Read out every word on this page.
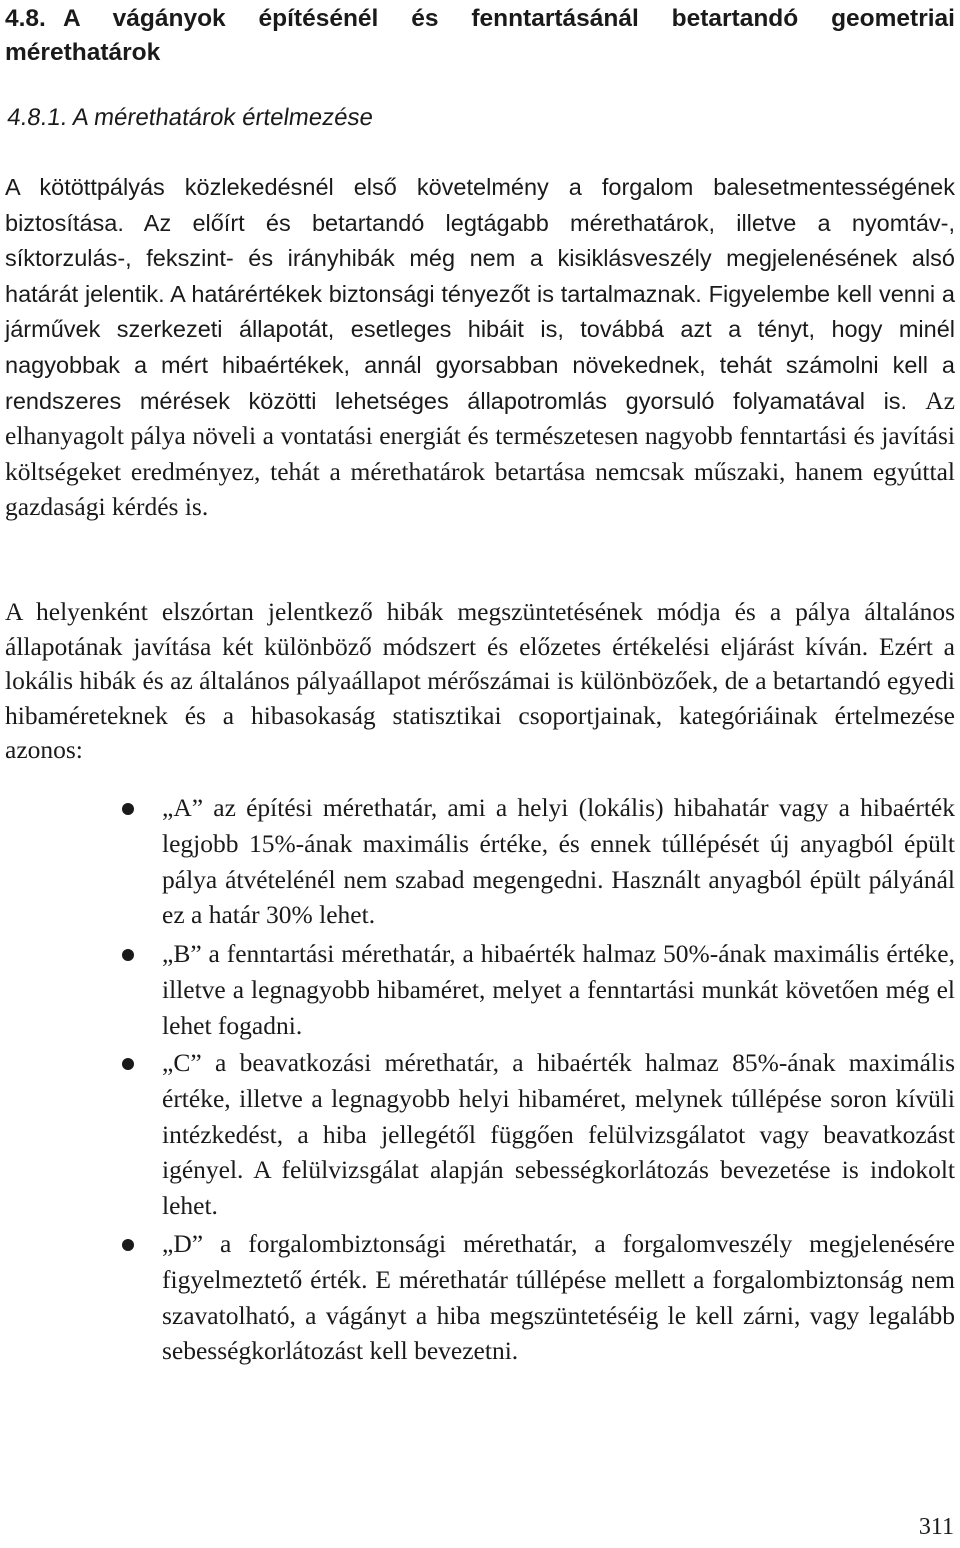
4.8. A vágányok építésénél és fenntartásánál betartandó geometriai mérethatárok
4.8.1. A mérethatárok értelmezése

A kötöttpályás közlekedésnél első követelmény a forgalom balesetmentességének biztosítása. Az előírt és betartandó legtágabb mérethatárok, illetve a nyomtáv-, síktorzulás-, fekszint- és irányhibák még nem a kisiklásveszély megjelenésének alsó határát jelentik. A határértékek biztonsági tényezőt is tartalmaznak. Figyelembe kell venni a járművek szerkezeti állapotát, esetleges hibáit is, továbbá azt a tényt, hogy minél nagyobbak a mért hibaértékek, annál gyorsabban növekednek, tehát számolni kell a rendszeres mérések közötti lehetséges állapotromlás gyorsuló folyamatával is. Az elhanyagolt pálya növeli a vontatási energiát és természetesen nagyobb fenntartási és javítási költségeket eredményez, tehát a mérethatárok betartása nemcsak műszaki, hanem egyúttal gazdasági kérdés is.

A helyenként elszórtan jelentkező hibák megszüntetésének módja és a pálya általános állapotának javítása két különböző módszert és előzetes értékelési eljárást kíván. Ezért a lokális hibák és az általános pályaállapot mérőszámai is különbözőek, de a betartandó egyedi hibaméreteknek és a hibasokaság statisztikai csoportjainak, kategóriáinak értelmezése azonos:

„A” az építési mérethatár, ami a helyi (lokális) hibahatár vagy a hibaérték legjobb 15%-ának maximális értéke, és ennek túllépését új anyagból épült pálya átvételénél nem szabad megengedni. Használt anyagból épült pályánál ez a határ 30% lehet.

„B” a fenntartási mérethatár, a hibaérték halmaz 50%-ának maximális értéke, illetve a legnagyobb hibaméret, melyet a fenntartási munkát követően még el lehet fogadni.

„C” a beavatkozási mérethatár, a hibaérték halmaz 85%-ának maximális értéke, illetve a legnagyobb helyi hibaméret, melynek túllépése soron kívüli intézkedést, a hiba jellegétől függően felülvizsgálatot vagy beavatkozást igényel. A felülvizsgálat alapján sebességkorlátozás bevezetése is indokolt lehet.

„D” a forgalombiztonsági mérethatár, a forgalomveszély megjelenésére figyelmeztető érték. E mérethatár túllépése mellett a forgalombiztonság nem szavatolható, a vágányt a hiba megszüntetéséig le kell zárni, vagy legalább sebességkorlátozást kell bevezetni.

311
